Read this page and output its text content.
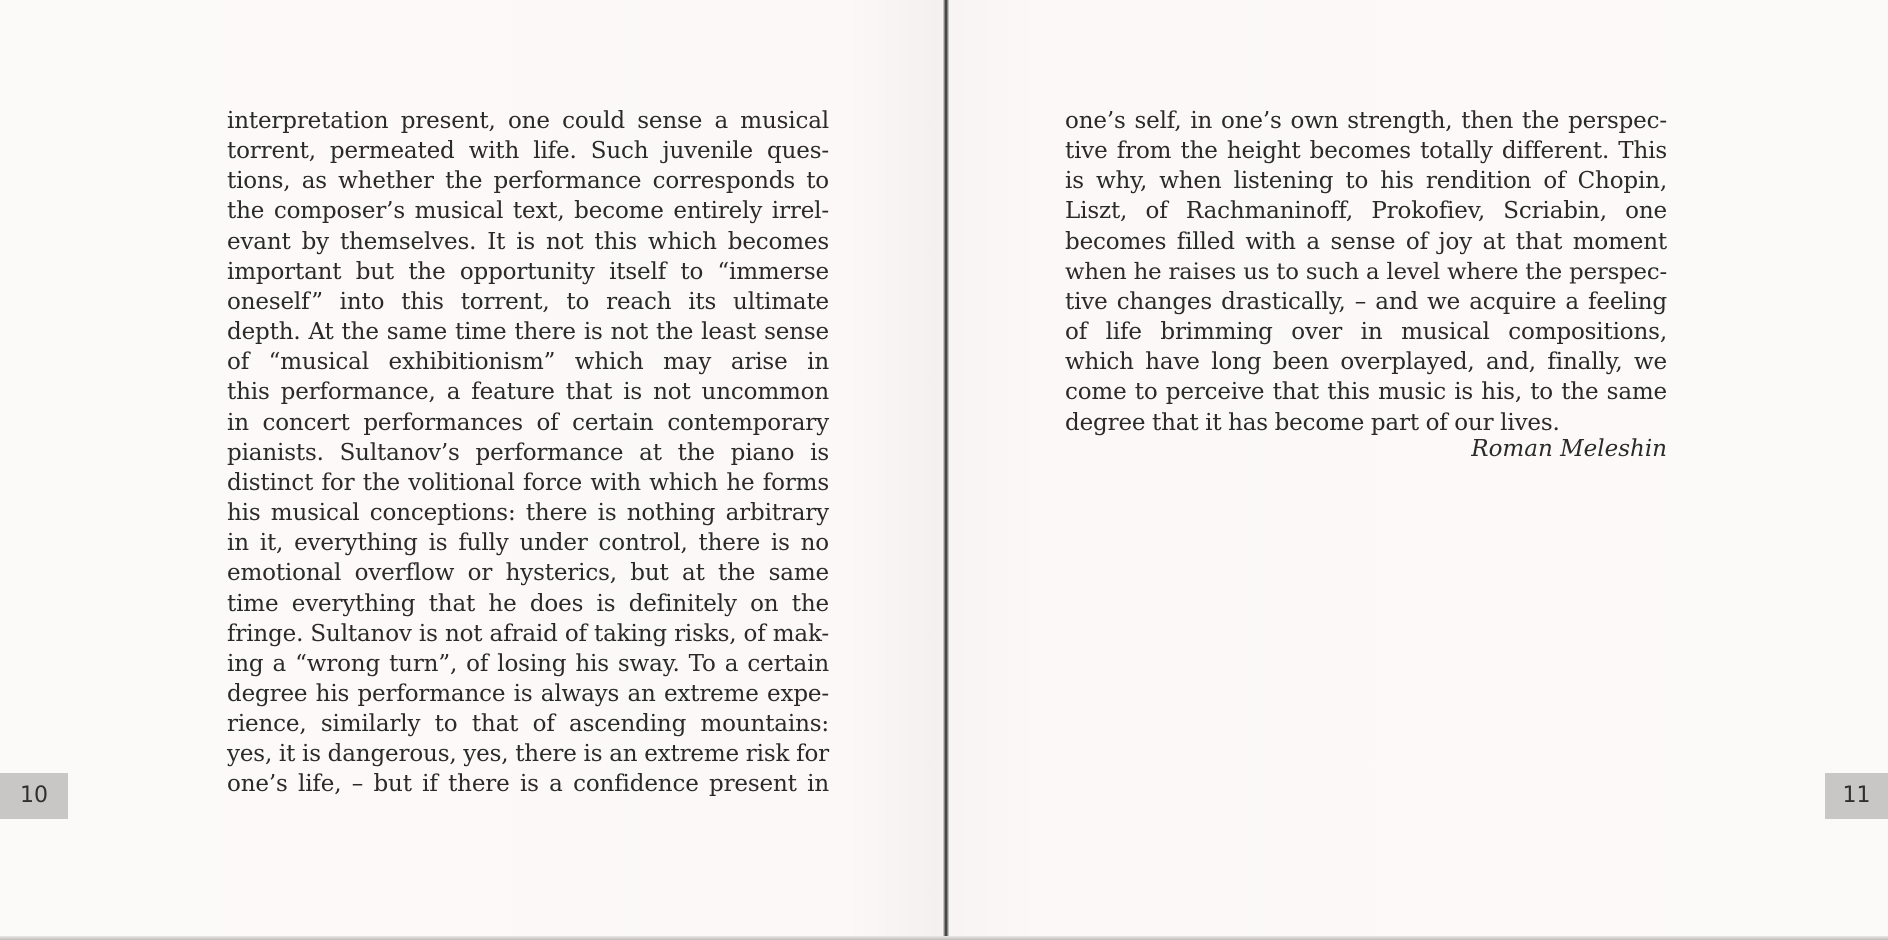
interpretation present, one could sense a musical
torrent, permeated with life. Such juvenile ques-
tions, as whether the performance corresponds to
the composer’s musical text, become entirely irrel-
evant by themselves. It is not this which becomes
important but the opportunity itself to “immerse
oneself” into this torrent, to reach its ultimate
depth. At the same time there is not the least sense
of “musical exhibitionism” which may arise in
this performance, a feature that is not uncommon
in concert performances of certain contemporary
pianists. Sultanov’s performance at the piano is
distinct for the volitional force with which he forms
his musical conceptions: there is nothing arbitrary
in it, everything is fully under control, there is no
emotional overflow or hysterics, but at the same
time everything that he does is definitely on the
fringe. Sultanov is not afraid of taking risks, of mak-
ing a “wrong turn”, of losing his sway. To a certain
degree his performance is always an extreme expe-
rience, similarly to that of ascending mountains:
yes, it is dangerous, yes, there is an extreme risk for
one’s life, – but if there is a confidence present in
10
one’s self, in one’s own strength, then the perspec-
tive from the height becomes totally different. This
is why, when listening to his rendition of Chopin,
Liszt, of Rachmaninoff, Prokofiev, Scriabin, one
becomes filled with a sense of joy at that moment
when he raises us to such a level where the perspec-
tive changes drastically, – and we acquire a feeling
of life brimming over in musical compositions,
which have long been overplayed, and, finally, we
come to perceive that this music is his, to the same
degree that it has become part of our lives.
Roman Meleshin
11
